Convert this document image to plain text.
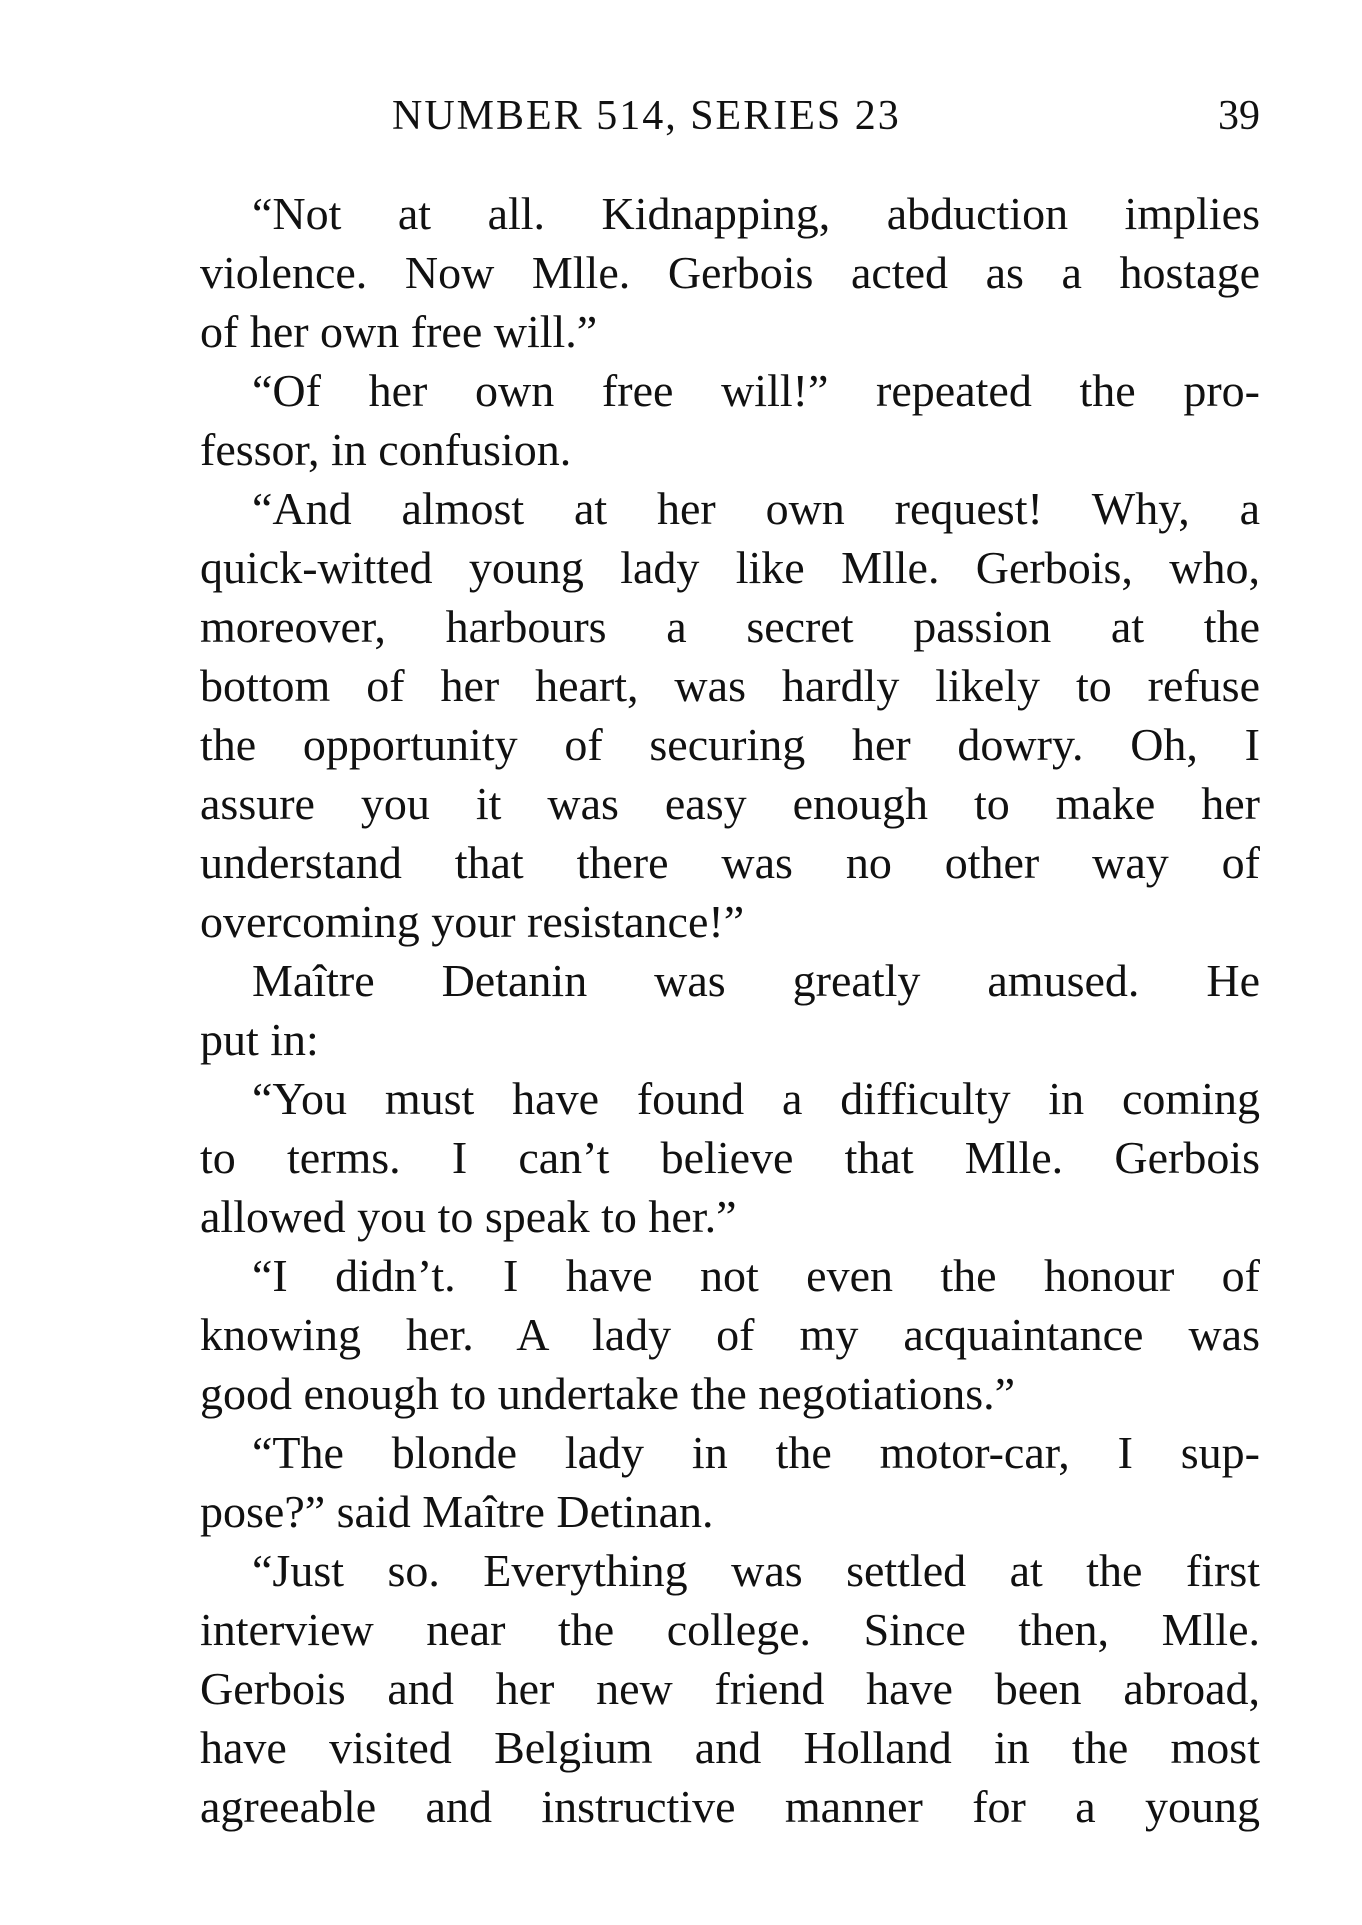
NUMBER 514, SERIES 23	39
“Not at all. Kidnapping, abduction implies
violence. Now Mlle. Gerbois acted as a hostage
of her own free will.”
“Of her own free will!” repeated the pro-
fessor, in confusion.
“And almost at her own request! Why, a
quick-witted young lady like Mlle. Gerbois, who,
moreover, harbours a secret passion at the
bottom of her heart, was hardly likely to refuse
the opportunity of securing her dowry. Oh, I
assure you it was easy enough to make her
understand that there was no other way of
overcoming your resistance!”
Maître Detanin was greatly amused. He
put in:
“You must have found a difficulty in coming
to terms. I can’t believe that Mlle. Gerbois
allowed you to speak to her.”
“I didn’t. I have not even the honour of
knowing her. A lady of my acquaintance was
good enough to undertake the negotiations.”
“The blonde lady in the motor-car, I sup-
pose?” said Maître Detinan.
“Just so. Everything was settled at the first
interview near the college. Since then, Mlle.
Gerbois and her new friend have been abroad,
have visited Belgium and Holland in the most
agreeable and instructive manner for a young
